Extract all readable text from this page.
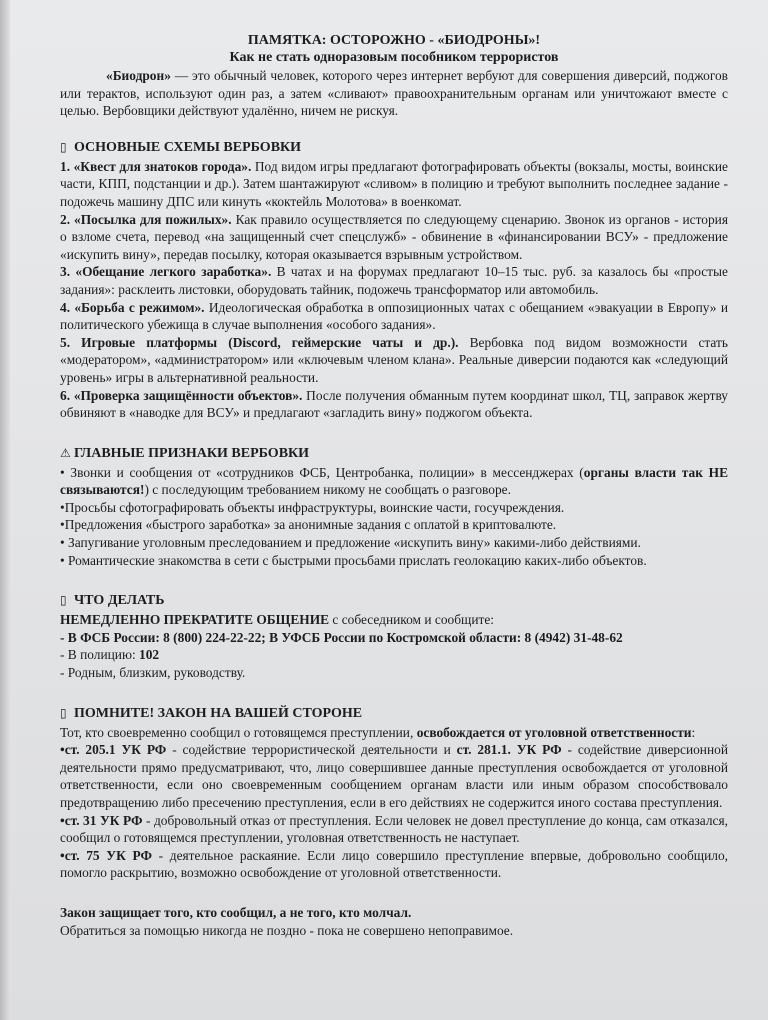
ПАМЯТКА: ОСТОРОЖНО - «БИОДРОНЫ»!

Как не стать одноразовым пособником террористов

«Биодрон» — это обычный человек, которого через интернет вербуют для совершения диверсий, поджогов или терактов, используют один раз, а затем «сливают» правоохранительным органам или уничтожают вместе с целью. Вербовщики действуют удалённо, ничем не рискуя.

▯ ОСНОВНЫЕ СХЕМЫ ВЕРБОВКИ

1. «Квест для знатоков города». Под видом игры предлагают фотографировать объекты (вокзалы, мосты, воинские части, КПП, подстанции и др.). Затем шантажируют «сливом» в полицию и требуют выполнить последнее задание - подожечь машину ДПС или кинуть «коктейль Молотова» в военкомат.

2. «Посылка для пожилых». Как правило осуществляется по следующему сценарию. Звонок из органов - история о взломе счета, перевод «на защищенный счет спецслужб» - обвинение в «финансировании ВСУ» - предложение «искупить вину», передав посылку, которая оказывается взрывным устройством.

3. «Обещание легкого заработка». В чатах и на форумах предлагают 10–15 тыс. руб. за казалось бы «простые задания»: расклеить листовки, оборудовать тайник, подожечь трансформатор или автомобиль.

4. «Борьба с режимом». Идеологическая обработка в оппозиционных чатах с обещанием «эвакуации в Европу» и политического убежища в случае выполнения «особого задания».

5. Игровые платформы (Discord, геймерские чаты и др.). Вербовка под видом возможности стать «модератором», «администратором» или «ключевым членом клана». Реальные диверсии подаются как «следующий уровень» игры в альтернативной реальности.

6. «Проверка защищённости объектов». После получения обманным путем координат школ, ТЦ, заправок жертву обвиняют в «наводке для ВСУ» и предлагают «загладить вину» поджогом объекта.

⚠ ГЛАВНЫЕ ПРИЗНАКИ ВЕРБОВКИ

• Звонки и сообщения от «сотрудников ФСБ, Центробанка, полиции» в мессенджерах (органы власти так НЕ связываются!) с последующим требованием никому не сообщать о разговоре.

•Просьбы сфотографировать объекты инфраструктуры, воинские части, госучреждения.

•Предложения «быстрого заработка» за анонимные задания с оплатой в криптовалюте.

• Запугивание уголовным преследованием и предложение «искупить вину» какими-либо действиями.

• Романтические знакомства в сети с быстрыми просьбами прислать геолокацию каких-либо объектов.

▯ ЧТО ДЕЛАТЬ

НЕМЕДЛЕННО ПРЕКРАТИТЕ ОБЩЕНИЕ с собеседником и сообщите:

- В ФСБ России: 8 (800) 224-22-22; В УФСБ России по Костромской области: 8 (4942) 31-48-62

- В полицию: 102

- Родным, близким, руководству.

▯ ПОМНИТЕ! ЗАКОН НА ВАШЕЙ СТОРОНЕ

Тот, кто своевременно сообщил о готовящемся преступлении, освобождается от уголовной ответственности:

•ст. 205.1 УК РФ - содействие террористической деятельности и ст. 281.1. УК РФ - содействие диверсионной деятельности прямо предусматривают, что, лицо совершившее данные преступления освобождается от уголовной ответственности, если оно своевременным сообщением органам власти или иным образом способствовало предотвращению либо пресечению преступления, если в его действиях не содержится иного состава преступления.

•ст. 31 УК РФ - добровольный отказ от преступления. Если человек не довел преступление до конца, сам отказался, сообщил о готовящемся преступлении, уголовная ответственность не наступает.

•ст. 75 УК РФ - деятельное раскаяние. Если лицо совершило преступление впервые, добровольно сообщило, помогло раскрытию, возможно освобождение от уголовной ответственности.

Закон защищает того, кто сообщил, а не того, кто молчал.

Обратиться за помощью никогда не поздно - пока не совершено непоправимое.
